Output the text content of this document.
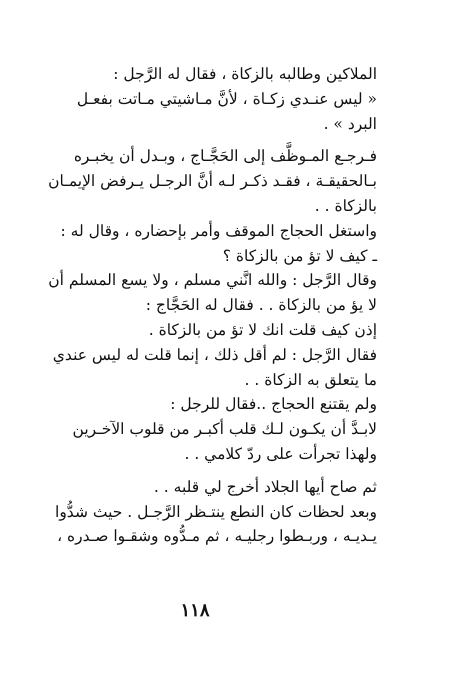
الملاكين وطالبه بالزكاة ، فقال له الرَّجل :
« ليس عنـدي زكـاة ، لأنَّ مـاشيتي مـاتت بفعـل
البرد » .
فـرجـع المـوظَّف إلى الحَجَّـاج ، وبـدل أن يخبـره
بـالحقيقـة ، فقـد ذكـر لـه أنَّ الرجـل يـرفض الإيمـان
بالزكاة . .
واستغل الحجاج الموقف وأمر بإحضاره ، وقال له :
ـ كيف لا تؤ من بالزكاة ؟
وقال الرَّجل : والله انَّني مسلم ، ولا يسع المسلم أن
لا يؤ من بالزكاة . . فقال له الحَجَّاج :
إذن كيف قلت انك لا تؤ من بالزكاة .
فقال الرَّجل : لم أقل ذلك ، إنما قلت له ليس عندي
ما يتعلق به الزكاة . .
ولم يقتنع الحجاج ..فقال للرجل :
لابـدَّ أن يكـون لـك قلب أكبـر من قلوب الآخـرين
ولهذا تجرأت على ردّ كلامي . .
ثم صاح أيها الجلاد أخرج لي قلبه . .
وبعد لحظات كان النطع ينتـظر الرَّجـل . حيث شدُّوا
يـديـه ، وربـطوا رجليـه ، ثم مـدُّوه وشقـوا صـدره ،
١١٨
